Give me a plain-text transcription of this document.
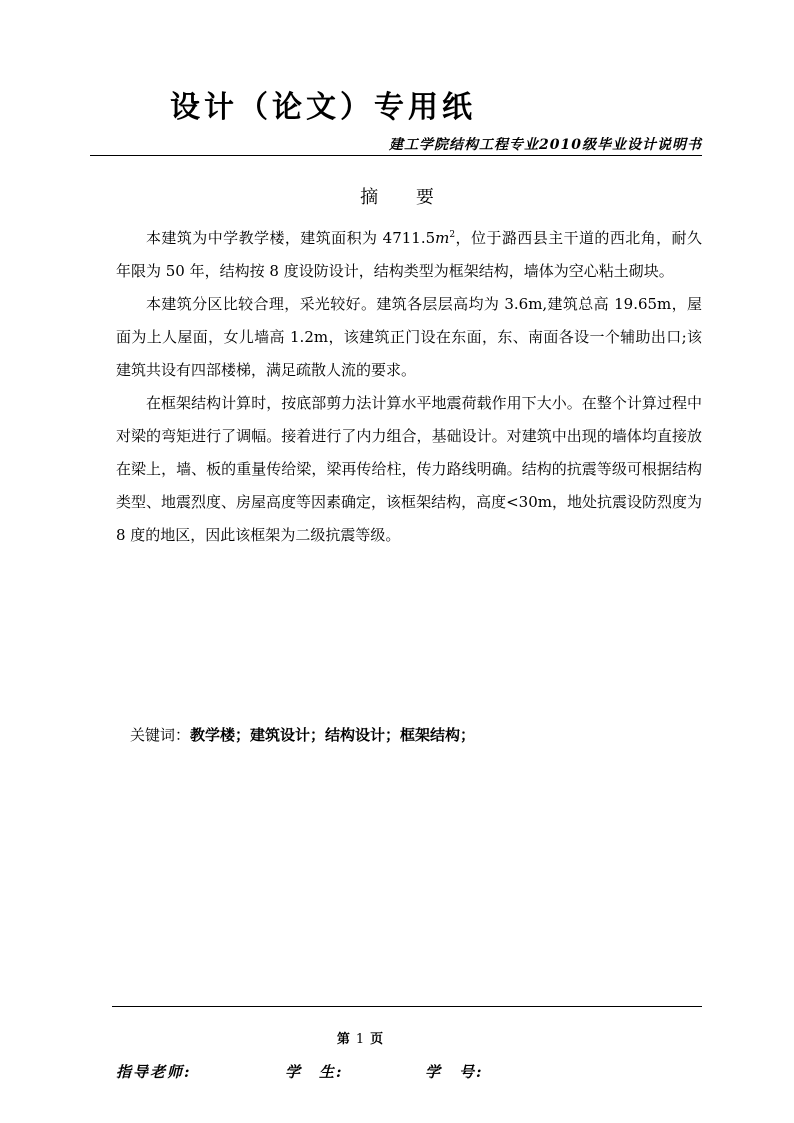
设计（论文）专用纸
建工学院结构工程专业2010级毕业设计说明书
摘 要

本建筑为中学教学楼，建筑面积为 $4711.5m^2$，位于潞西县主干道的西北角，耐久年限为 50 年，结构按 8 度设防设计，结构类型为框架结构，墙体为空心粘土砌块。

本建筑分区比较合理，采光较好。建筑各层层高均为 3.6m,建筑总高 19.65m，屋面为上人屋面，女儿墙高 1.2m，该建筑正门设在东面，东、南面各设一个辅助出口;该建筑共设有四部楼梯，满足疏散人流的要求。

在框架结构计算时，按底部剪力法计算水平地震荷载作用下大小。在整个计算过程中对梁的弯矩进行了调幅。接着进行了内力组合，基础设计。对建筑中出现的墙体均直接放在梁上，墙、板的重量传给梁，梁再传给柱，传力路线明确。结构的抗震等级可根据结构类型、地震烈度、房屋高度等因素确定，该框架结构，高度<30m，地处抗震设防烈度为 8 度的地区，因此该框架为二级抗震等级。

关键词：教学楼；建筑设计；结构设计；框架结构；
第 1 页
指导老师:	学　生:	学　号:
